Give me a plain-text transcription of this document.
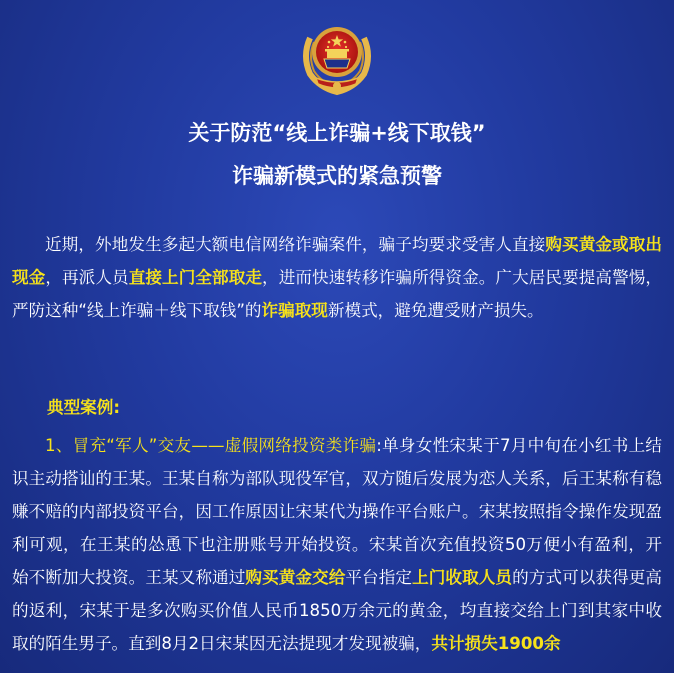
关于防范“线上诈骗+线下取钱”
诈骗新模式的紧急预警

近期，外地发生多起大额电信网络诈骗案件，骗子均要求受害人直接购买黄金或取出现金，再派人员直接上门全部取走，进而快速转移诈骗所得资金。广大居民要提高警惕，严防这种“线上诈骗＋线下取钱”的诈骗取现新模式，避免遭受财产损失。

典型案例:

1、冒充“军人”交友——虚假网络投资类诈骗:单身女性宋某于7月中旬在小红书上结识主动搭讪的王某。王某自称为部队现役军官，双方随后发展为恋人关系，后王某称有稳赚不赔的内部投资平台，因工作原因让宋某代为操作平台账户。宋某按照指令操作发现盈利可观，在王某的怂恿下也注册账号开始投资。宋某首次充值投资50万便小有盈利，开始不断加大投资。王某又称通过购买黄金交给平台指定上门收取人员的方式可以获得更高的返利，宋某于是多次购买价值人民币1850万余元的黄金，均直接交给上门到其家中收取的陌生男子。直到8月2日宋某因无法提现才发现被骗，共计损失1900余
